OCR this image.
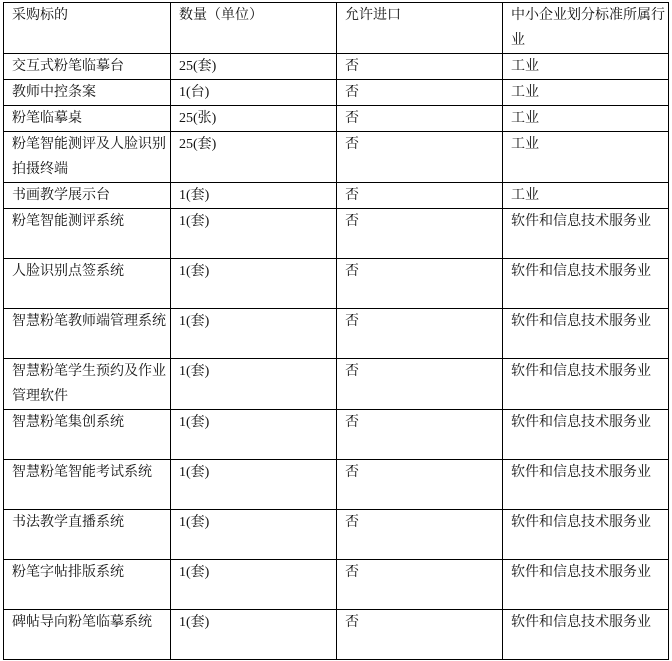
采购标的	数量（单位）	允许进口	中小企业划分标准所属行业
交互式粉笔临摹台	25(套)	否	工业
教师中控条案	1(台)	否	工业
粉笔临摹桌	25(张)	否	工业
粉笔智能测评及人脸识别拍摄终端	25(套)	否	工业
书画教学展示台	1(套)	否	工业
粉笔智能测评系统	1(套)	否	软件和信息技术服务业
人脸识别点签系统	1(套)	否	软件和信息技术服务业
智慧粉笔教师端管理系统	1(套)	否	软件和信息技术服务业
智慧粉笔学生预约及作业管理软件	1(套)	否	软件和信息技术服务业
智慧粉笔集创系统	1(套)	否	软件和信息技术服务业
智慧粉笔智能考试系统	1(套)	否	软件和信息技术服务业
书法教学直播系统	1(套)	否	软件和信息技术服务业
粉笔字帖排版系统	1(套)	否	软件和信息技术服务业
碑帖导向粉笔临摹系统	1(套)	否	软件和信息技术服务业
